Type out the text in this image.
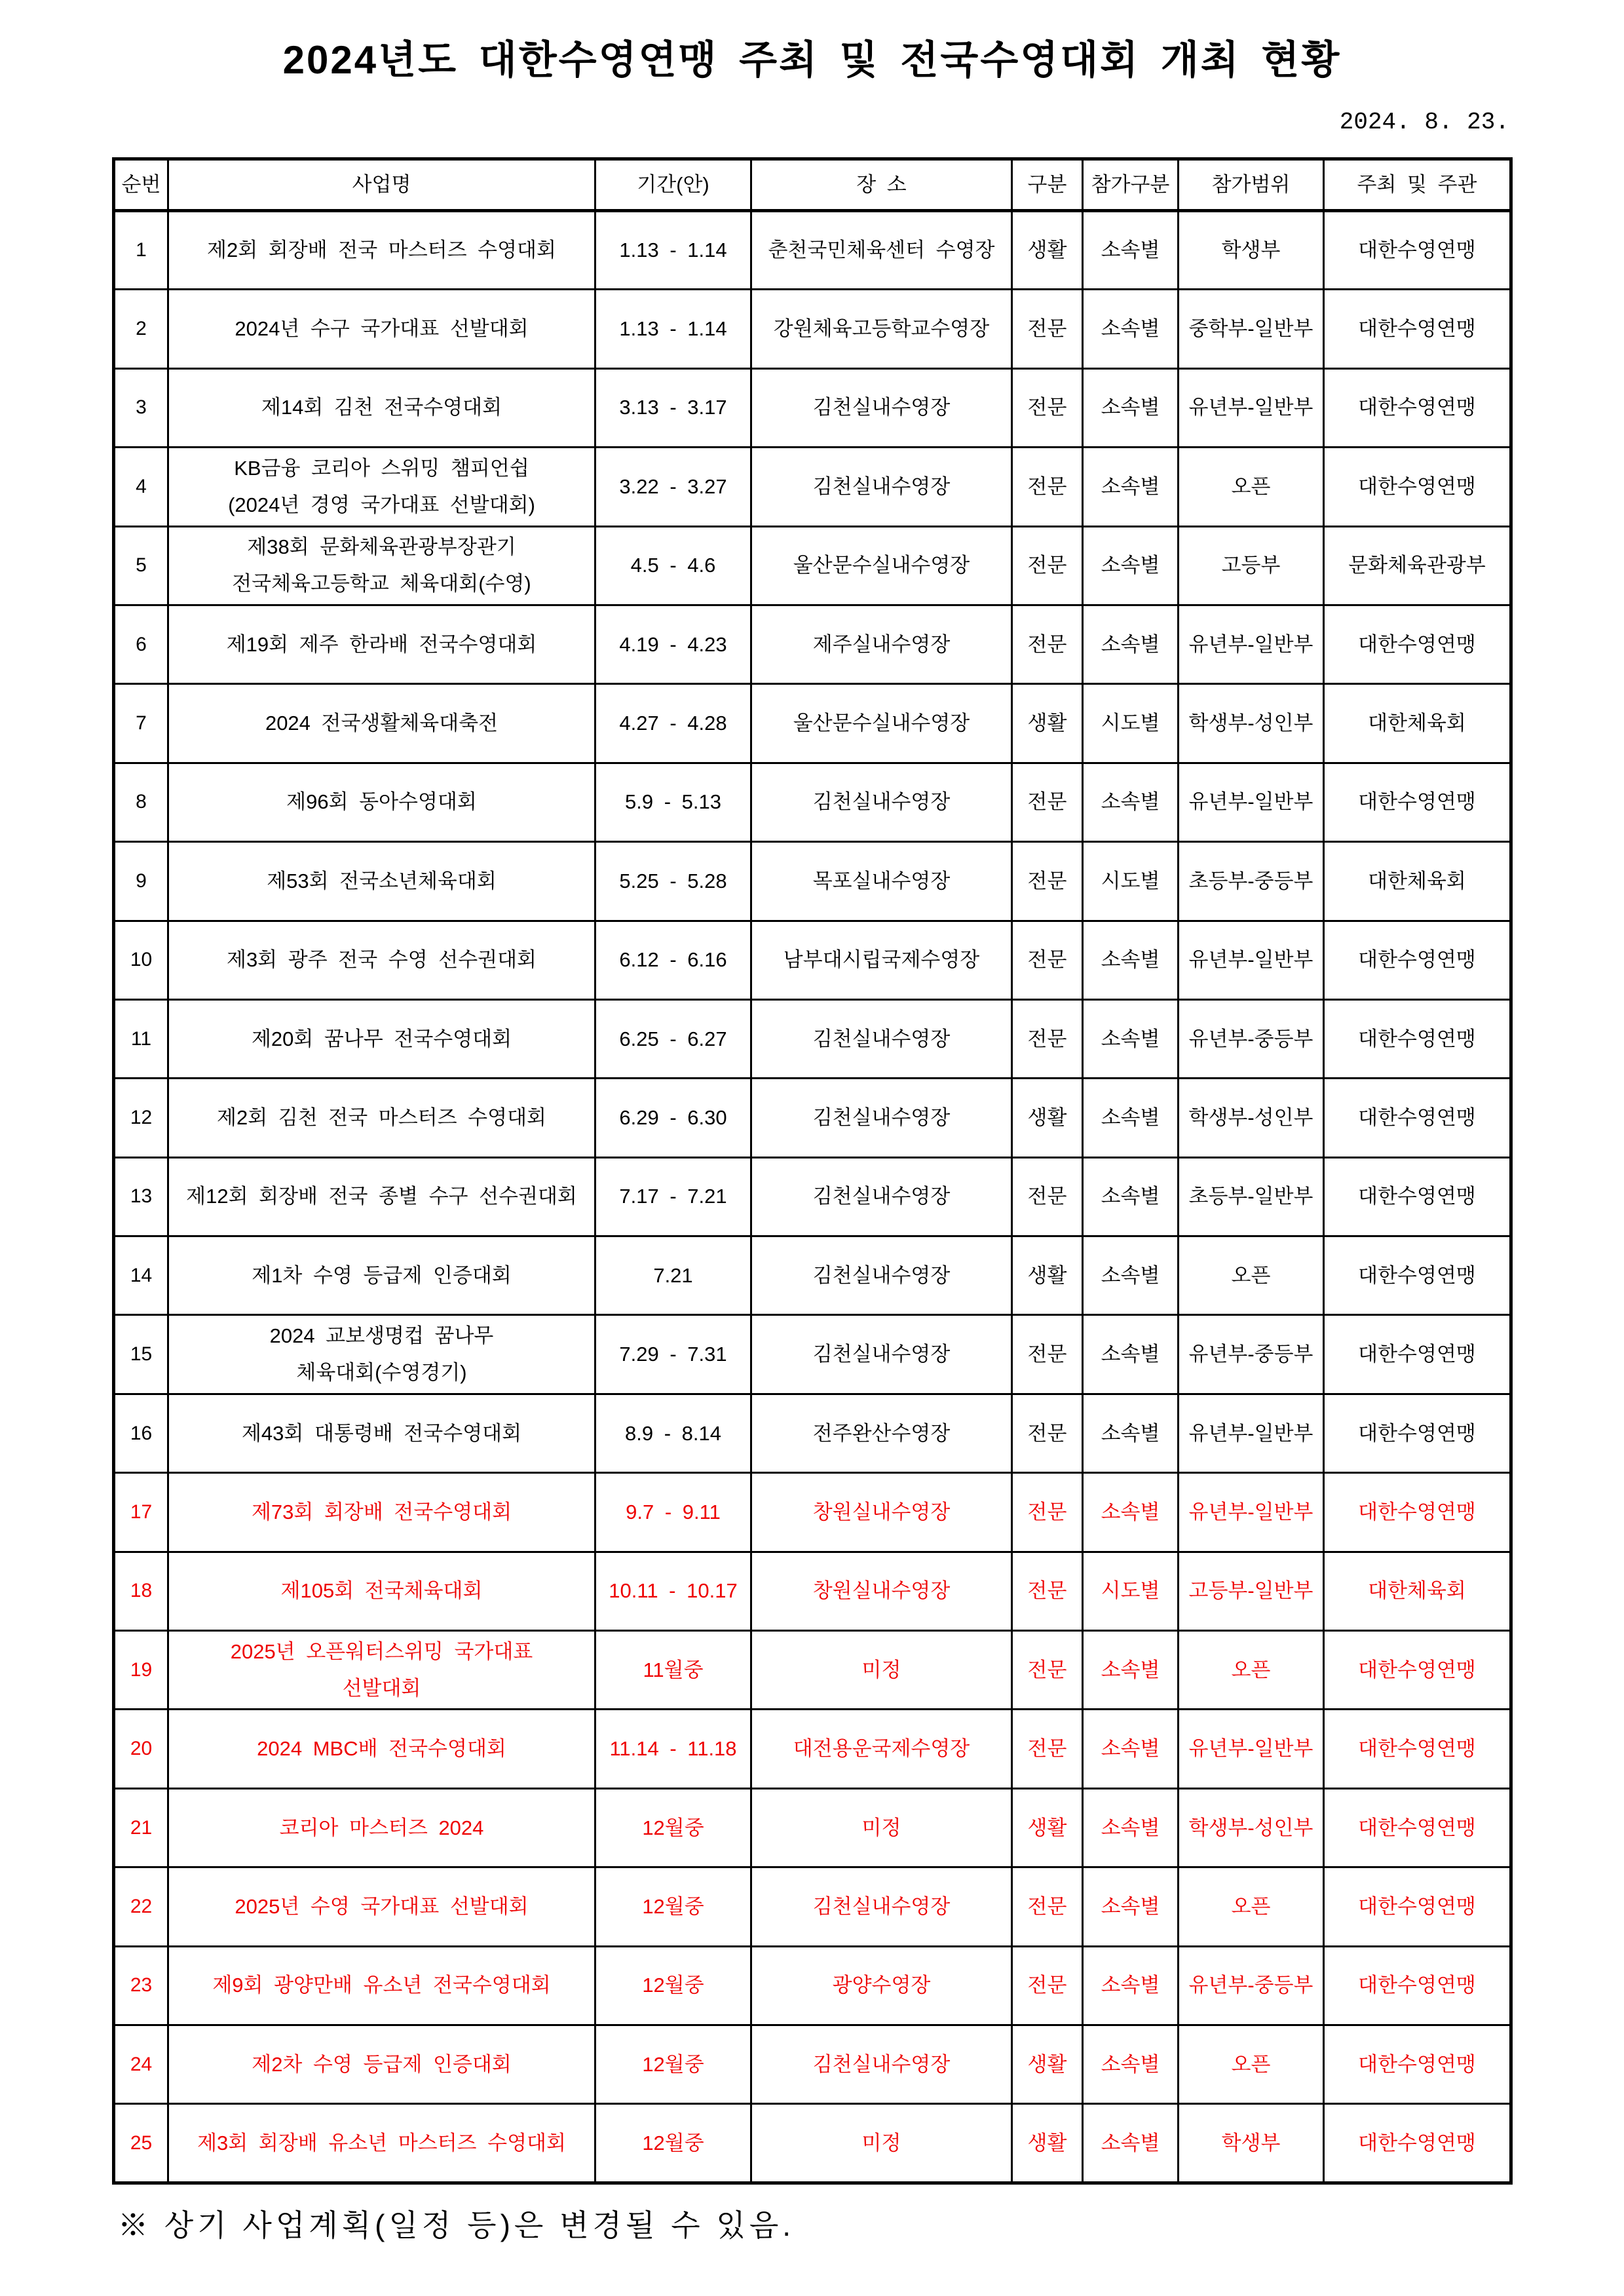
2024년도 대한수영연맹 주최 및 전국수영대회 개최 현황
2024. 8. 23.
순번	사업명	기간(안)	장 소	구분	참가구분	참가범위	주최 및 주관
1	제2회 회장배 전국 마스터즈 수영대회	1.13 - 1.14	춘천국민체육센터 수영장	생활	소속별	학생부	대한수영연맹
2	2024년 수구 국가대표 선발대회	1.13 - 1.14	강원체육고등학교수영장	전문	소속별	중학부-일반부	대한수영연맹
3	제14회 김천 전국수영대회	3.13 - 3.17	김천실내수영장	전문	소속별	유년부-일반부	대한수영연맹
4	KB금융 코리아 스위밍 챔피언쉽
(2024년 경영 국가대표 선발대회)	3.22 - 3.27	김천실내수영장	전문	소속별	오픈	대한수영연맹
5	제38회 문화체육관광부장관기
전국체육고등학교 체육대회(수영)	4.5 - 4.6	울산문수실내수영장	전문	소속별	고등부	문화체육관광부
6	제19회 제주 한라배 전국수영대회	4.19 - 4.23	제주실내수영장	전문	소속별	유년부-일반부	대한수영연맹
7	2024 전국생활체육대축전	4.27 - 4.28	울산문수실내수영장	생활	시도별	학생부-성인부	대한체육회
8	제96회 동아수영대회	5.9 - 5.13	김천실내수영장	전문	소속별	유년부-일반부	대한수영연맹
9	제53회 전국소년체육대회	5.25 - 5.28	목포실내수영장	전문	시도별	초등부-중등부	대한체육회
10	제3회 광주 전국 수영 선수권대회	6.12 - 6.16	남부대시립국제수영장	전문	소속별	유년부-일반부	대한수영연맹
11	제20회 꿈나무 전국수영대회	6.25 - 6.27	김천실내수영장	전문	소속별	유년부-중등부	대한수영연맹
12	제2회 김천 전국 마스터즈 수영대회	6.29 - 6.30	김천실내수영장	생활	소속별	학생부-성인부	대한수영연맹
13	제12회 회장배 전국 종별 수구 선수권대회	7.17 - 7.21	김천실내수영장	전문	소속별	초등부-일반부	대한수영연맹
14	제1차 수영 등급제 인증대회	7.21	김천실내수영장	생활	소속별	오픈	대한수영연맹
15	2024 교보생명컵 꿈나무
체육대회(수영경기)	7.29 - 7.31	김천실내수영장	전문	소속별	유년부-중등부	대한수영연맹
16	제43회 대통령배 전국수영대회	8.9 - 8.14	전주완산수영장	전문	소속별	유년부-일반부	대한수영연맹
17	제73회 회장배 전국수영대회	9.7 - 9.11	창원실내수영장	전문	소속별	유년부-일반부	대한수영연맹
18	제105회 전국체육대회	10.11 - 10.17	창원실내수영장	전문	시도별	고등부-일반부	대한체육회
19	2025년 오픈워터스위밍 국가대표
선발대회	11월중	미정	전문	소속별	오픈	대한수영연맹
20	2024 MBC배 전국수영대회	11.14 - 11.18	대전용운국제수영장	전문	소속별	유년부-일반부	대한수영연맹
21	코리아 마스터즈 2024	12월중	미정	생활	소속별	학생부-성인부	대한수영연맹
22	2025년 수영 국가대표 선발대회	12월중	김천실내수영장	전문	소속별	오픈	대한수영연맹
23	제9회 광양만배 유소년 전국수영대회	12월중	광양수영장	전문	소속별	유년부-중등부	대한수영연맹
24	제2차 수영 등급제 인증대회	12월중	김천실내수영장	생활	소속별	오픈	대한수영연맹
25	제3회 회장배 유소년 마스터즈 수영대회	12월중	미정	생활	소속별	학생부	대한수영연맹
※ 상기 사업계획(일정 등)은 변경될 수 있음.
